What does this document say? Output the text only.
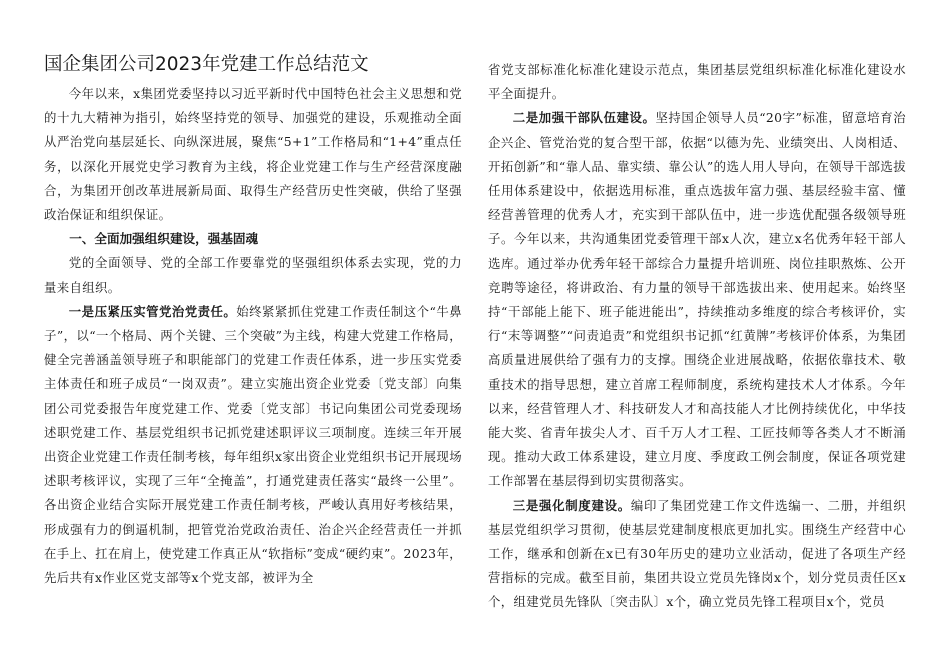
国企集团公司2023年党建工作总结范文

今年以来，x集团党委坚持以习近平新时代中国特色社会主义思想和党的十九大精神为指引，始终坚持党的领导、加强党的建设，乐观推动全面从严治党向基层延长、向纵深进展，聚焦“5+1”工作格局和“1+4”重点任务，以深化开展党史学习教育为主线，将企业党建工作与生产经营深度融合，为集团开创改革进展新局面、取得生产经营历史性突破，供给了坚强政治保证和组织保证。

一、全面加强组织建设，强基固魂

党的全面领导、党的全部工作要靠党的坚强组织体系去实现，党的力量来自组织。

一是压紧压实管党治党责任。始终紧紧抓住党建工作责任制这个“牛鼻子”，以“一个格局、两个关键、三个突破”为主线，构建大党建工作格局，健全完善涵盖领导班子和职能部门的党建工作责任体系，进一步压实党委主体责任和班子成员“一岗双责”。建立实施出资企业党委〔党支部〕向集团公司党委报告年度党建工作、党委〔党支部〕书记向集团公司党委现场述职党建工作、基层党组织书记抓党建述职评议三项制度。连续三年开展出资企业党建工作责任制考核，每年组织x家出资企业党组织书记开展现场述职考核评议，实现了三年“全掩盖”，打通党建责任落实“最终一公里”。各出资企业结合实际开展党建工作责任制考核，严峻认真用好考核结果，形成强有力的倒逼机制，把管党治党政治责任、治企兴企经营责任一并抓在手上、扛在肩上，使党建工作真正从“软指标”变成“硬约束”。2023年，先后共有x作业区党支部等x个党支部，被评为全

省党支部标准化标准化建设示范点，集团基层党组织标准化标准化建设水平全面提升。

二是加强干部队伍建设。坚持国企领导人员“20字”标准，留意培育治企兴企、管党治党的复合型干部，依据“以德为先、业绩突出、人岗相适、开拓创新”和“靠人品、靠实绩、靠公认”的选人用人导向，在领导干部选拔任用体系建设中，依据选用标准，重点选拔年富力强、基层经验丰富、懂经营善管理的优秀人才，充实到干部队伍中，进一步选优配强各级领导班子。今年以来，共沟通集团党委管理干部x人次，建立x名优秀年轻干部人选库。通过举办优秀年轻干部综合力量提升培训班、岗位挂职熬炼、公开竞聘等途径，将讲政治、有力量的领导干部选拔出来、使用起来。始终坚持“干部能上能下、班子能进能出”，持续推动多维度的综合考核评价，实行“末等调整”“问责追责”和党组织书记抓“红黄牌”考核评价体系，为集团高质量进展供给了强有力的支撑。围绕企业进展战略，依据依靠技术、敬重技术的指导思想，建立首席工程师制度，系统构建技术人才体系。今年以来，经营管理人才、科技研发人才和高技能人才比例持续优化，中华技能大奖、省青年拔尖人才、百千万人才工程、工匠技师等各类人才不断涌现。推动大政工体系建设，建立月度、季度政工例会制度，保证各项党建工作部署在基层得到切实贯彻落实。

三是强化制度建设。编印了集团党建工作文件选编一、二册，并组织基层党组织学习贯彻，使基层党建制度根底更加扎实。围绕生产经营中心工作，继承和创新在x已有30年历史的建功立业活动，促进了各项生产经营指标的完成。截至目前，集团共设立党员先锋岗x个，划分党员责任区x个，组建党员先锋队〔突击队〕x个，确立党员先锋工程项目x个，党员
